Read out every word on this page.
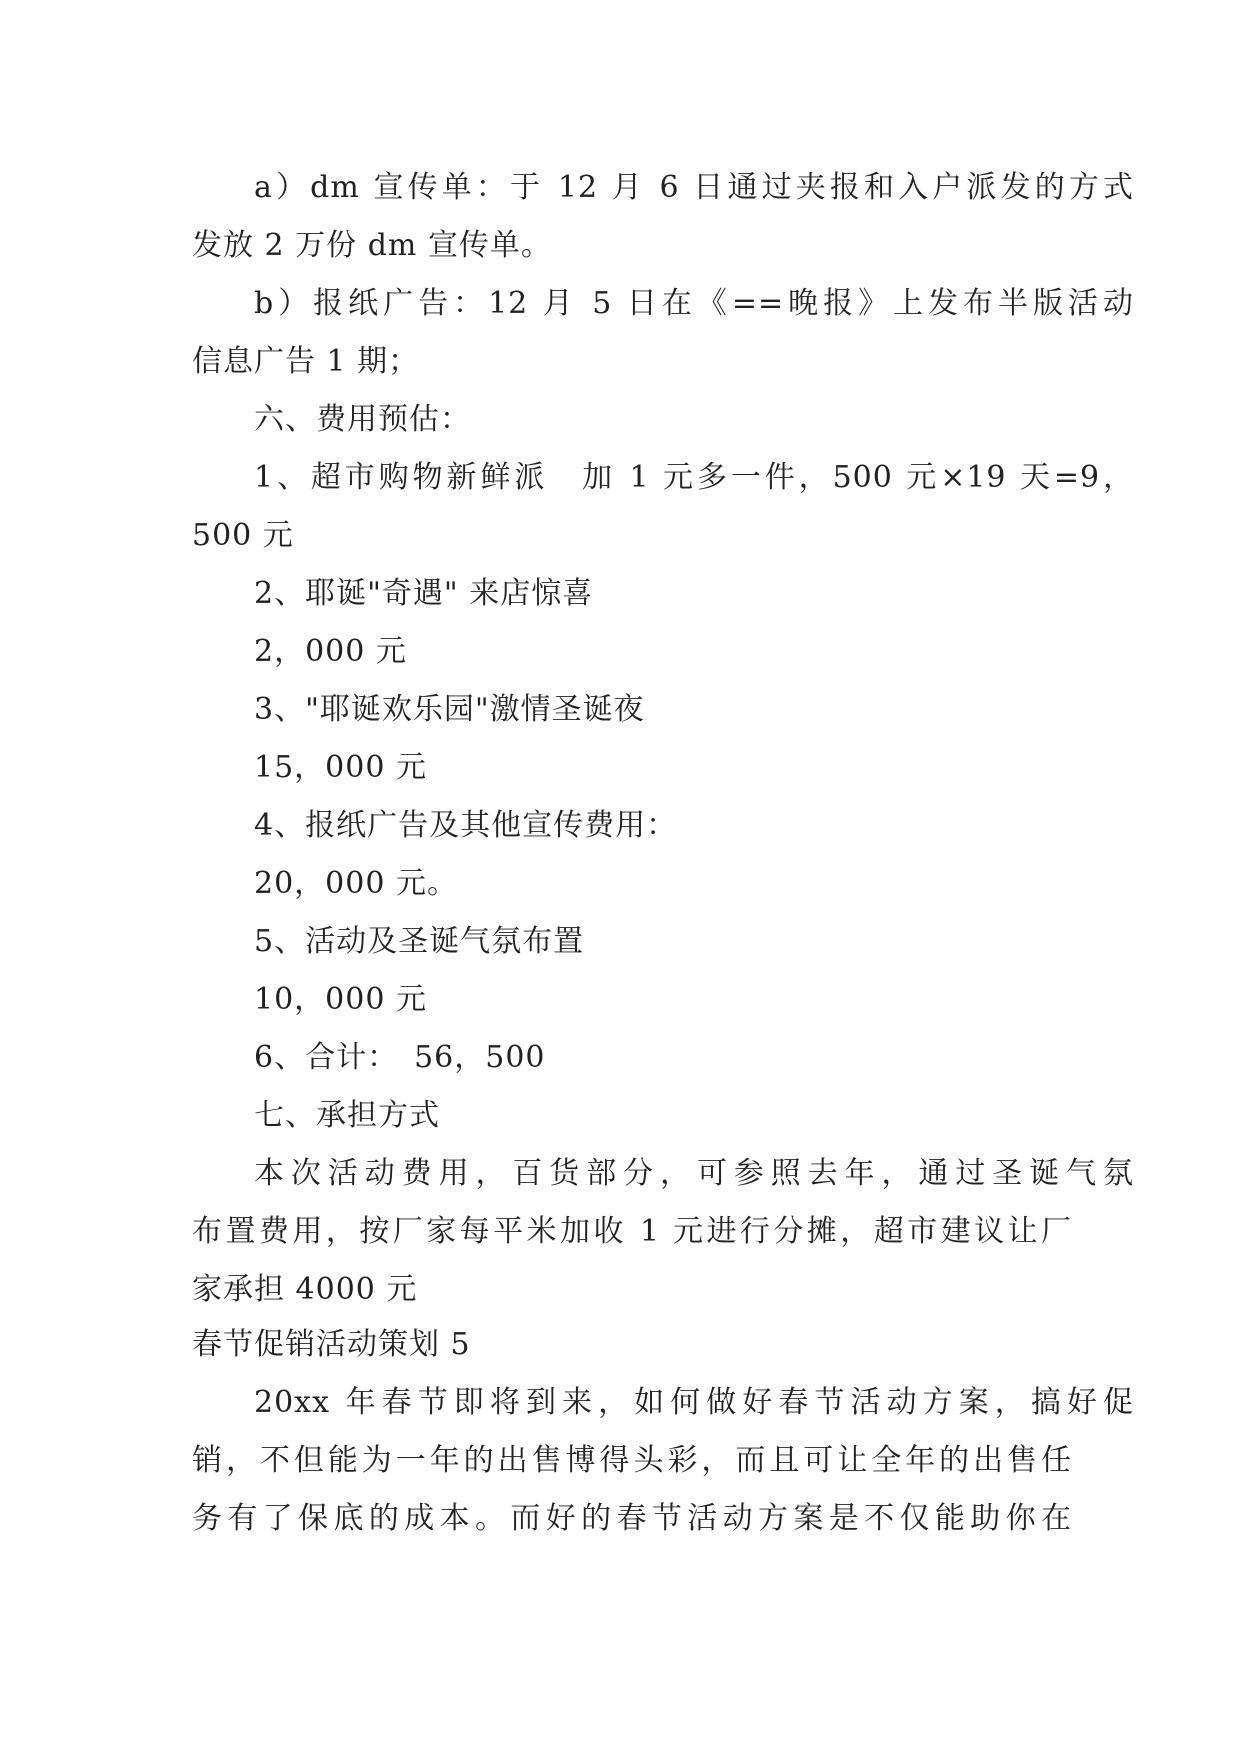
a）dm 宣传单：于 12 月 6 日通过夹报和入户派发的方式
发放 2 万份 dm 宣传单。
b）报纸广告：12 月 5 日在《==晚报》上发布半版活动
信息广告 1 期；
六、费用预估：
1、超市购物新鲜派　加 1 元多一件，500 元×19 天=9，
500 元
2、耶诞"奇遇" 来店惊喜
2，000 元
3、"耶诞欢乐园"激情圣诞夜
15，000 元
4、报纸广告及其他宣传费用：
20，000 元。
5、活动及圣诞气氛布置
10，000 元
6、合计：　56，500
七、承担方式
本次活动费用，百货部分，可参照去年，通过圣诞气氛
布置费用，按厂家每平米加收 1 元进行分摊，超市建议让厂
家承担 4000 元
春节促销活动策划 5
20xx 年春节即将到来，如何做好春节活动方案，搞好促
销，不但能为一年的出售博得头彩，而且可让全年的出售任
务有了保底的成本。而好的春节活动方案是不仅能助你在
